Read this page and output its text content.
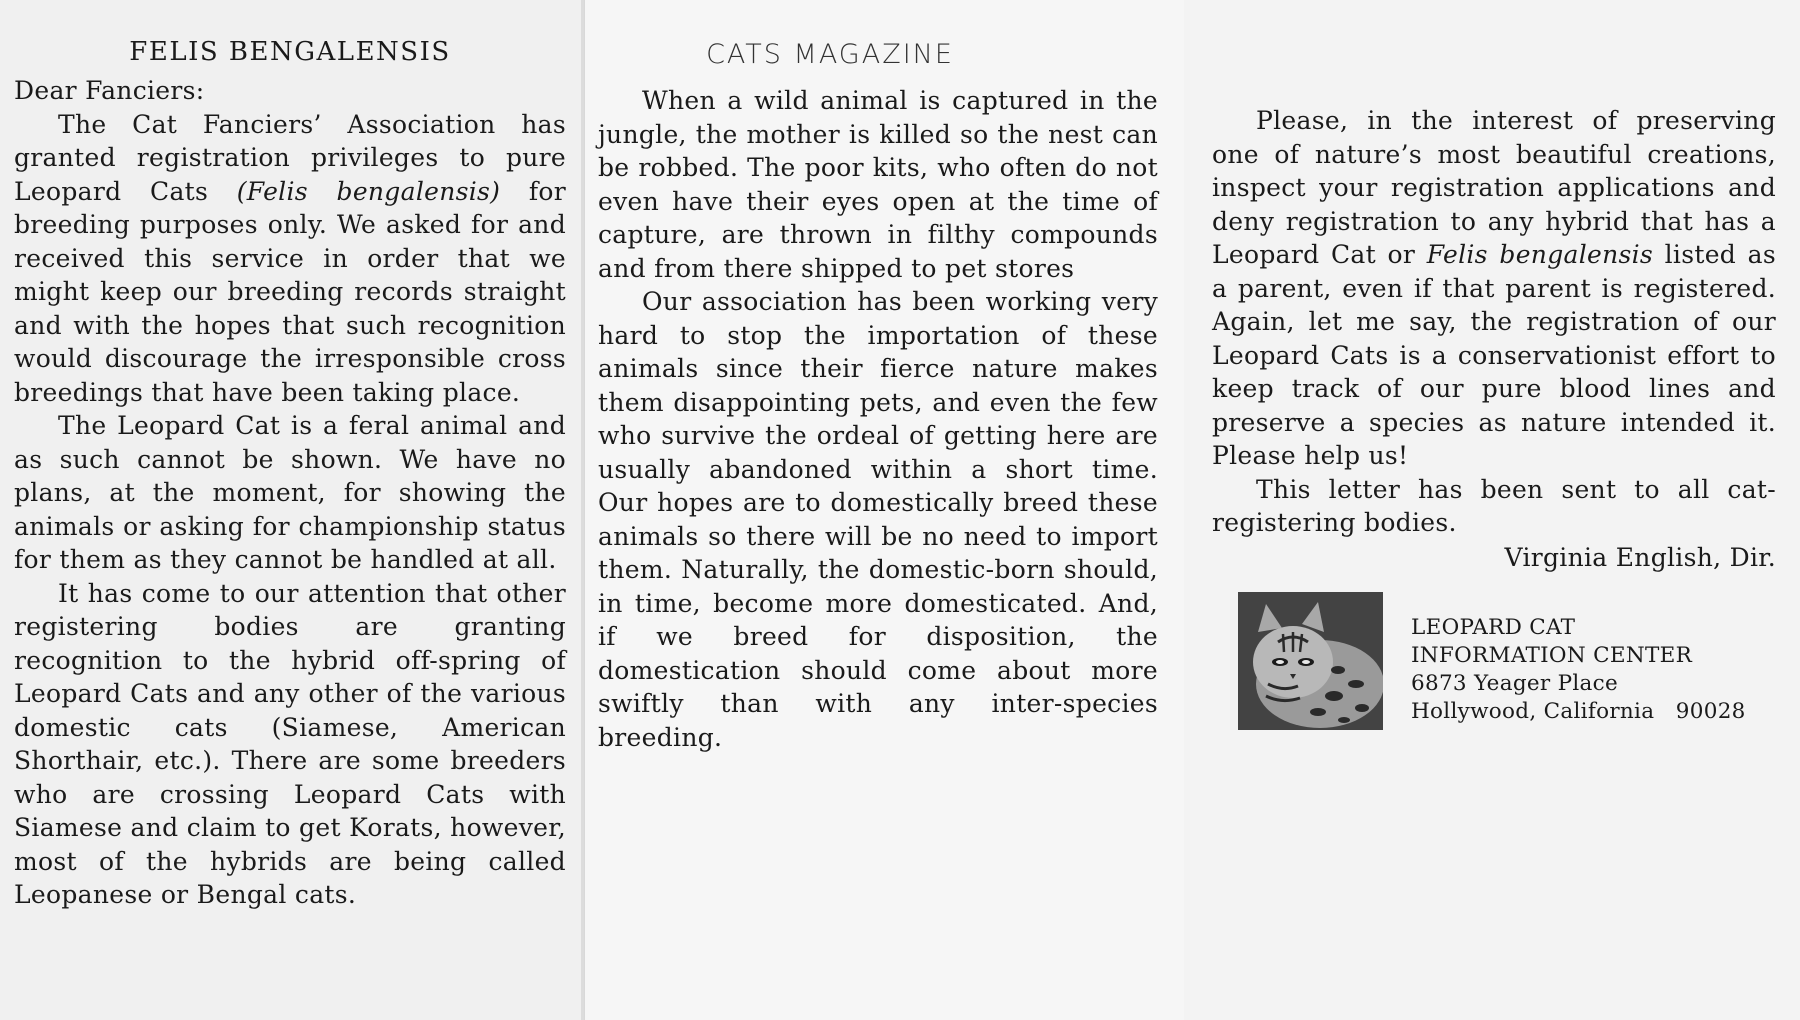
FELIS BENGALENSIS

Dear Fanciers:

The Cat Fanciers’ Association has granted registration privileges to pure Leopard Cats (Felis bengalensis) for breeding purposes only. We asked for and received this service in order that we might keep our breeding records straight and with the hopes that such recognition would discourage the irresponsible cross breedings that have been taking place.

The Leopard Cat is a feral animal and as such cannot be shown. We have no plans, at the moment, for showing the animals or asking for championship status for them as they cannot be handled at all.

It has come to our attention that other registering bodies are granting recognition to the hybrid off-spring of Leopard Cats and any other of the various domestic cats (Siamese, American Shorthair, etc.). There are some breeders who are crossing Leopard Cats with Siamese and claim to get Korats, however, most of the hybrids are being called Leopanese or Bengal cats.

CATS MAGAZINE

When a wild animal is captured in the jungle, the mother is killed so the nest can be robbed. The poor kits, who often do not even have their eyes open at the time of capture, are thrown in filthy compounds and from there shipped to pet stores

Our association has been working very hard to stop the importation of these animals since their fierce nature makes them disappointing pets, and even the few who survive the ordeal of getting here are usually abandoned within a short time. Our hopes are to domestically breed these animals so there will be no need to import them. Naturally, the domestic-born should, in time, become more domesticated. And, if we breed for disposition, the domestication should come about more swiftly than with any inter-species breeding.

Please, in the interest of preserving one of nature’s most beautiful creations, inspect your registration applications and deny registration to any hybrid that has a Leopard Cat or Felis bengalensis listed as a parent, even if that parent is registered. Again, let me say, the registration of our Leopard Cats is a conservationist effort to keep track of our pure blood lines and preserve a species as nature intended it. Please help us!

This letter has been sent to all cat-registering bodies.

Virginia English, Dir.

LEOPARD CAT
INFORMATION CENTER
6873 Yeager Place
Hollywood, California   90028
